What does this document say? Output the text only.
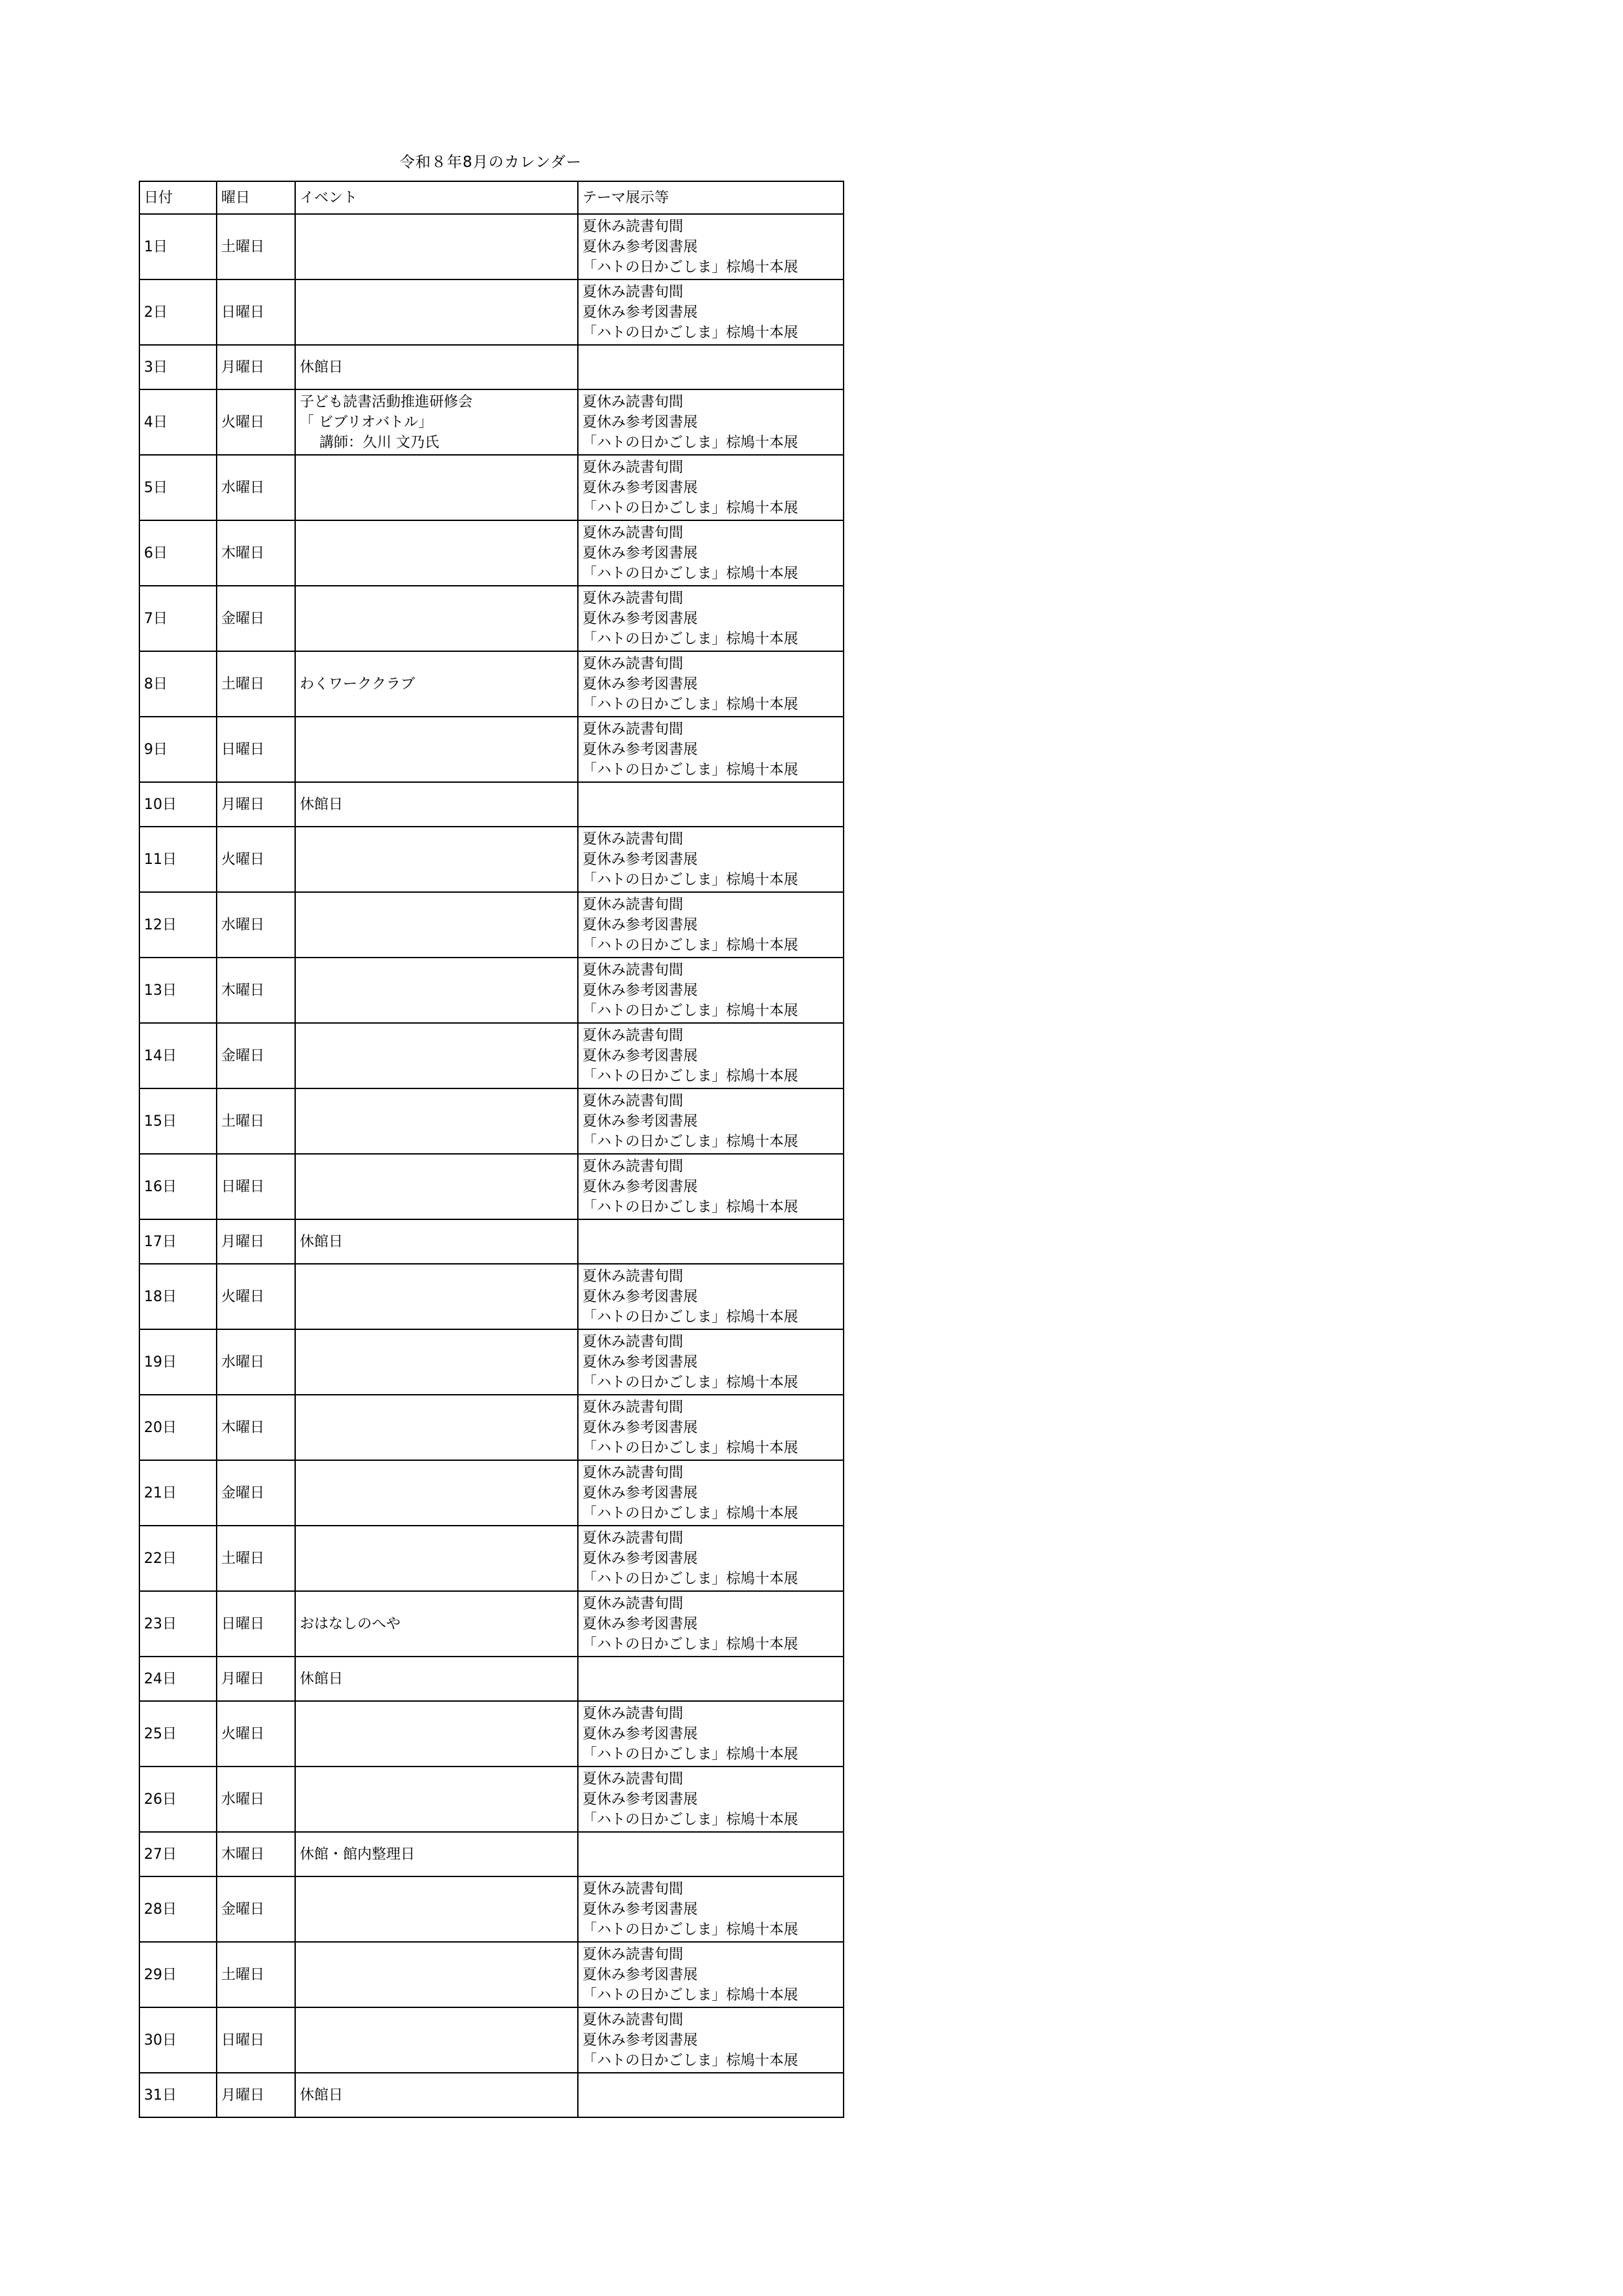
令和８年8月のカレンダー
日付	曜日	イベント	テーマ展示等
1日	土曜日		夏休み読書旬間
夏休み参考図書展
「ハトの日かごしま」棕鳩十本展

2日	日曜日		夏休み読書旬間
夏休み参考図書展
「ハトの日かごしま」棕鳩十本展

3日	月曜日	休館日	

4日	火曜日	子ども読書活動推進研修会
「 ビブリオバトル」
講師：久川 文乃氏	夏休み読書旬間
夏休み参考図書展
「ハトの日かごしま」棕鳩十本展

5日	水曜日		夏休み読書旬間
夏休み参考図書展
「ハトの日かごしま」棕鳩十本展

6日	木曜日		夏休み読書旬間
夏休み参考図書展
「ハトの日かごしま」棕鳩十本展

7日	金曜日		夏休み読書旬間
夏休み参考図書展
「ハトの日かごしま」棕鳩十本展

8日	土曜日	わくワーククラブ	夏休み読書旬間
夏休み参考図書展
「ハトの日かごしま」棕鳩十本展

9日	日曜日		夏休み読書旬間
夏休み参考図書展
「ハトの日かごしま」棕鳩十本展

10日	月曜日	休館日	

11日	火曜日		夏休み読書旬間
夏休み参考図書展
「ハトの日かごしま」棕鳩十本展

12日	水曜日		夏休み読書旬間
夏休み参考図書展
「ハトの日かごしま」棕鳩十本展

13日	木曜日		夏休み読書旬間
夏休み参考図書展
「ハトの日かごしま」棕鳩十本展

14日	金曜日		夏休み読書旬間
夏休み参考図書展
「ハトの日かごしま」棕鳩十本展

15日	土曜日		夏休み読書旬間
夏休み参考図書展
「ハトの日かごしま」棕鳩十本展

16日	日曜日		夏休み読書旬間
夏休み参考図書展
「ハトの日かごしま」棕鳩十本展

17日	月曜日	休館日	

18日	火曜日		夏休み読書旬間
夏休み参考図書展
「ハトの日かごしま」棕鳩十本展

19日	水曜日		夏休み読書旬間
夏休み参考図書展
「ハトの日かごしま」棕鳩十本展

20日	木曜日		夏休み読書旬間
夏休み参考図書展
「ハトの日かごしま」棕鳩十本展

21日	金曜日		夏休み読書旬間
夏休み参考図書展
「ハトの日かごしま」棕鳩十本展

22日	土曜日		夏休み読書旬間
夏休み参考図書展
「ハトの日かごしま」棕鳩十本展

23日	日曜日	おはなしのへや	夏休み読書旬間
夏休み参考図書展
「ハトの日かごしま」棕鳩十本展

24日	月曜日	休館日	

25日	火曜日		夏休み読書旬間
夏休み参考図書展
「ハトの日かごしま」棕鳩十本展

26日	水曜日		夏休み読書旬間
夏休み参考図書展
「ハトの日かごしま」棕鳩十本展

27日	木曜日	休館・館内整理日	

28日	金曜日		夏休み読書旬間
夏休み参考図書展
「ハトの日かごしま」棕鳩十本展

29日	土曜日		夏休み読書旬間
夏休み参考図書展
「ハトの日かごしま」棕鳩十本展

30日	日曜日		夏休み読書旬間
夏休み参考図書展
「ハトの日かごしま」棕鳩十本展

31日	月曜日	休館日	
